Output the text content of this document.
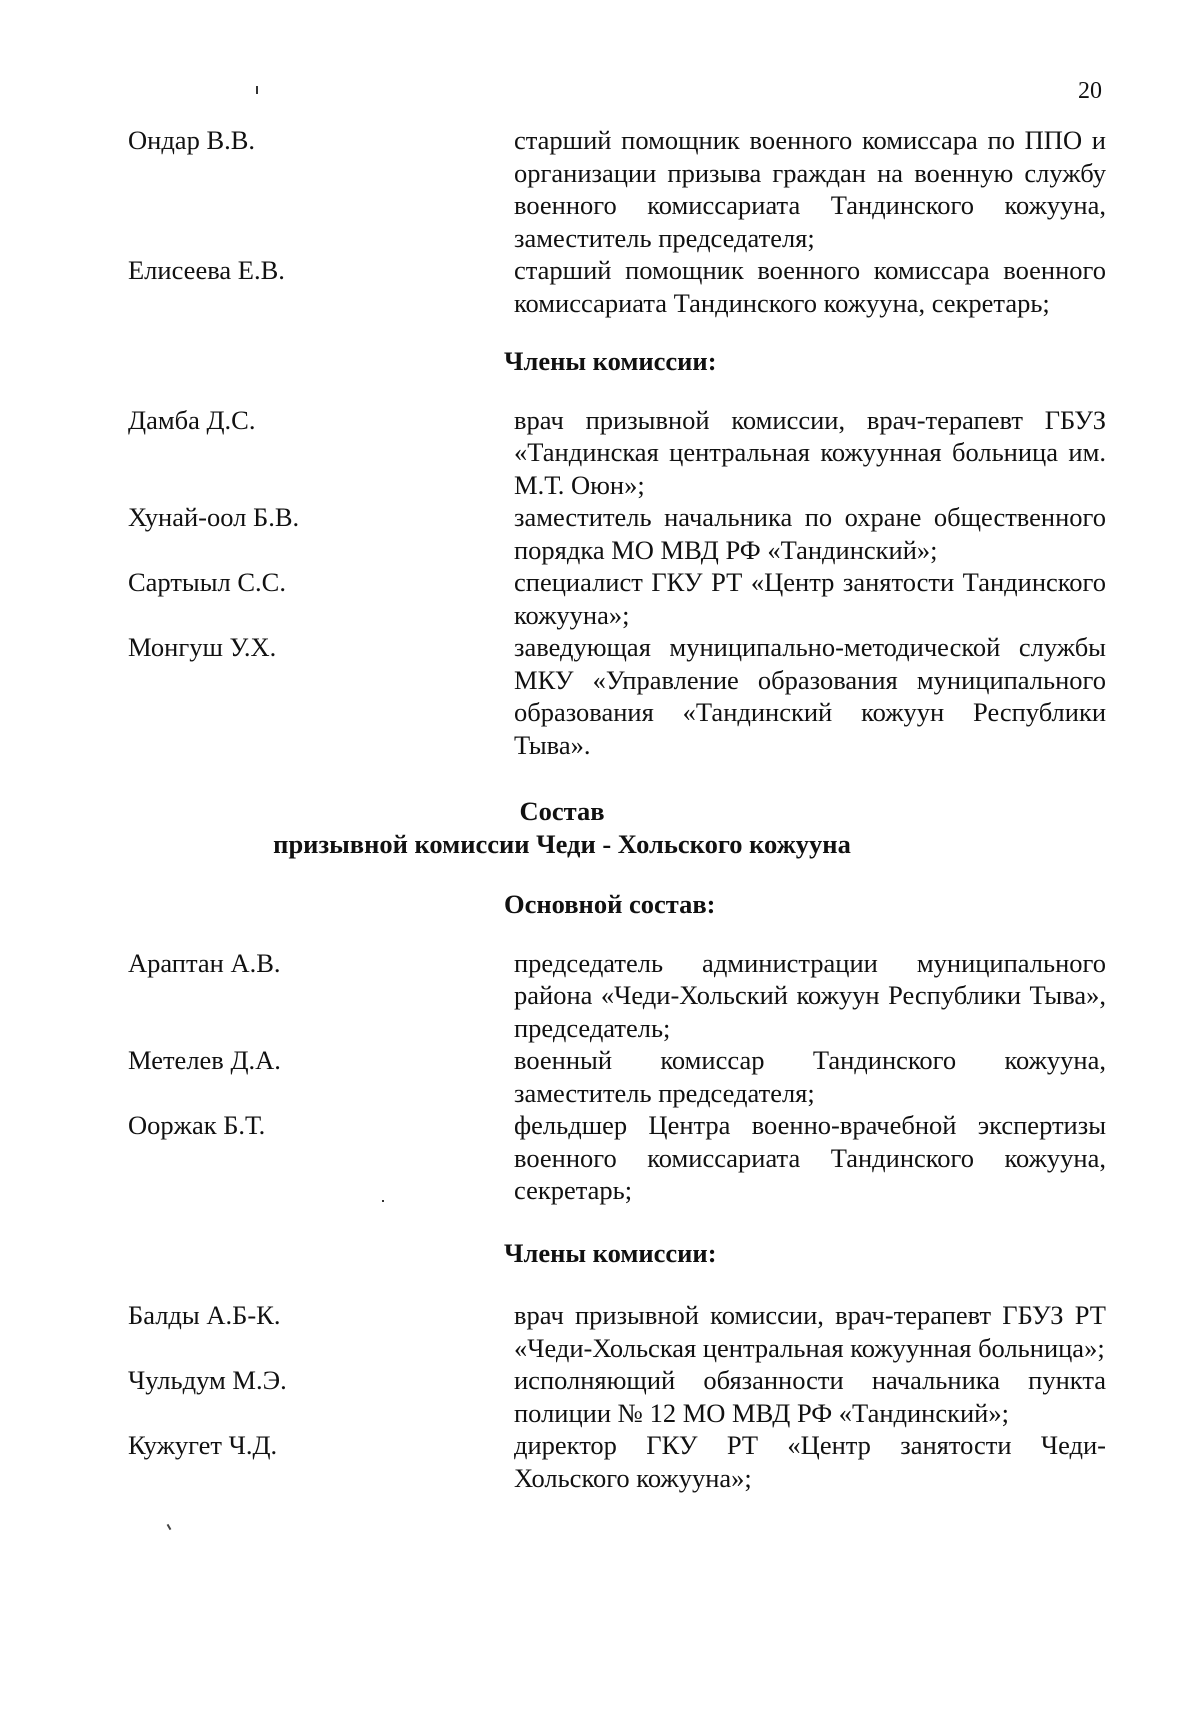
20
Ондар В.В.	старший помощник военного комиссара по ППО и организации призыва граждан на военную службу военного комиссариата Тандинского кожууна, заместитель председателя;
Елисеева Е.В.	старший помощник военного комиссара военного комиссариата Тандинского кожууна, секретарь;
Члены комиссии:
Дамба Д.С.	врач призывной комиссии, врач-терапевт ГБУЗ «Тандинская центральная кожуунная больница им. М.Т. Оюн»;
Хунай-оол Б.В.	заместитель начальника по охране общественного порядка МО МВД РФ «Тандинский»;
Сартыыл С.С.	специалист ГКУ РТ «Центр занятости Тандинского кожууна»;
Монгуш У.Х.	заведующая муниципально-методической службы МКУ «Управление образования муниципального образования «Тандинский кожуун Республики Тыва».
Состав
призывной комиссии Чеди - Хольского кожууна
Основной состав:
Араптан А.В.	председатель администрации муниципального района «Чеди-Хольский кожуун Республики Тыва», председатель;
Метелев Д.А.	военный комиссар Тандинского кожууна, заместитель председателя;
Ооржак Б.Т.	фельдшер Центра военно-врачебной экспертизы военного комиссариата Тандинского кожууна, секретарь;
Члены комиссии:
Балды А.Б-К.	врач призывной комиссии, врач-терапевт ГБУЗ РТ «Чеди-Хольская центральная кожуунная больница»;
Чульдум М.Э.	исполняющий обязанности начальника пункта полиции № 12 МО МВД РФ «Тандинский»;
Кужугет Ч.Д.	директор ГКУ РТ «Центр занятости Чеди-Хольского кожууна»;
